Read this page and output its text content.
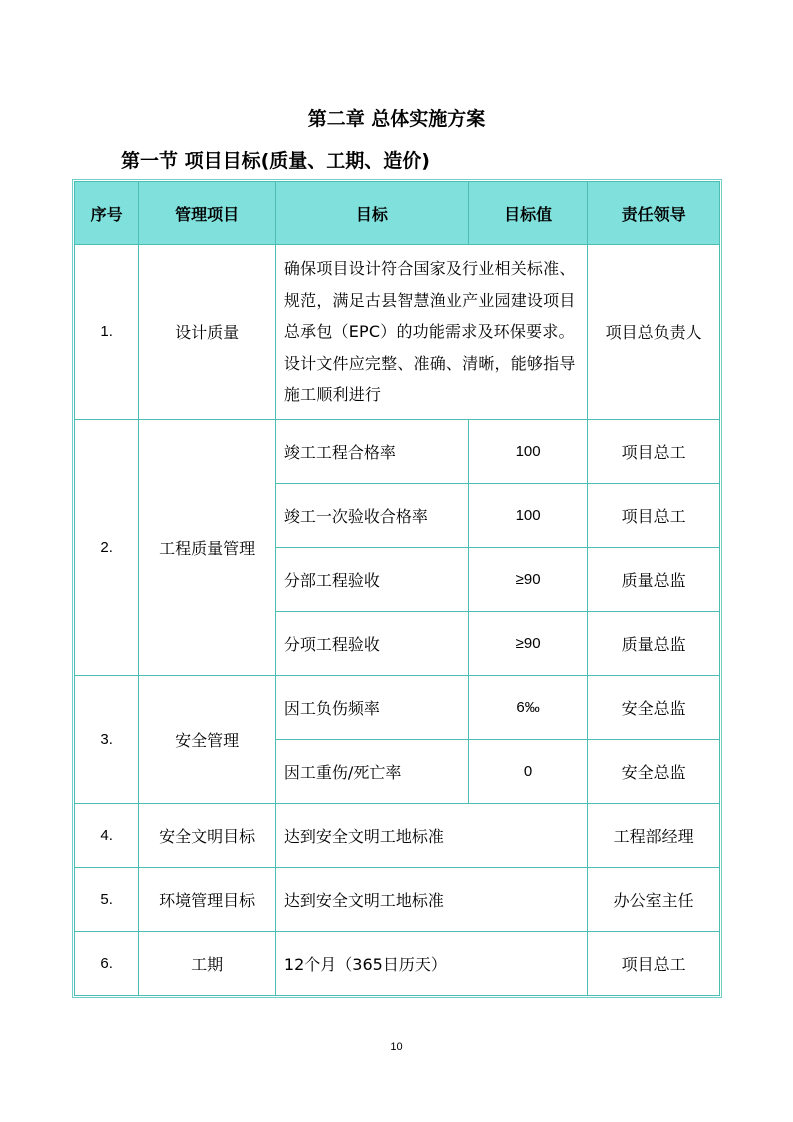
第二章 总体实施方案
第一节 项目目标(质量、工期、造价)
序号	管理项目	目标	目标值	责任领导
1.	设计质量	确保项目设计符合国家及行业相关标准、规范，满足古县智慧渔业产业园建设项目总承包（EPC）的功能需求及环保要求。设计文件应完整、准确、清晰，能够指导施工顺利进行		项目总负责人
2.	工程质量管理	竣工工程合格率	100	项目总工
		竣工一次验收合格率	100	项目总工
		分部工程验收	≥90	质量总监
		分项工程验收	≥90	质量总监
3.	安全管理	因工负伤频率	6‰	安全总监
		因工重伤/死亡率	0	安全总监
4.	安全文明目标	达到安全文明工地标准		工程部经理
5.	环境管理目标	达到安全文明工地标准		办公室主任
6.	工期	12个月（365日历天）		项目总工
10
